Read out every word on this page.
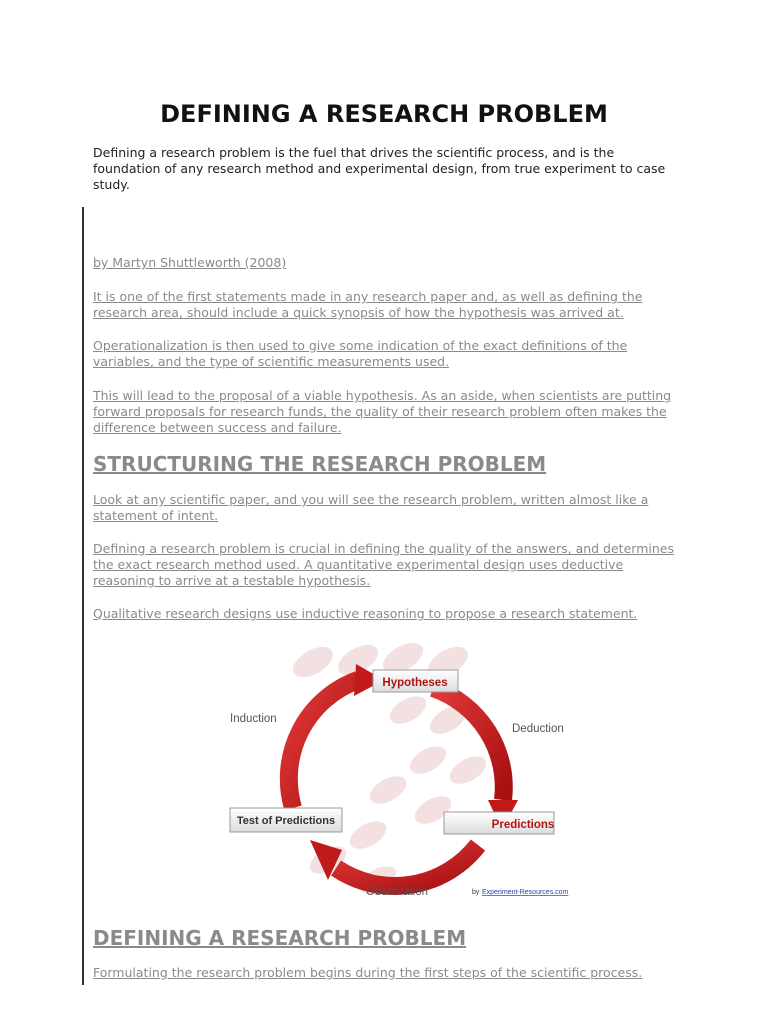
DEFINING A RESEARCH PROBLEM

Defining a research problem is the fuel that drives the scientific process, and is the foundation of any research method and experimental design, from true experiment to case study.

by Martyn Shuttleworth (2008)
It is one of the first statements made in any research paper and, as well as defining the research area, should include a quick synopsis of how the hypothesis was arrived at.
Operationalization is then used to give some indication of the exact definitions of the variables, and the type of scientific measurements used.
This will lead to the proposal of a viable hypothesis. As an aside, when scientists are putting forward proposals for research funds, the quality of their research problem often makes the difference between success and failure.
STRUCTURING THE RESEARCH PROBLEM
Look at any scientific paper, and you will see the research problem, written almost like a statement of intent.
Defining a research problem is crucial in defining the quality of the answers, and determines the exact research method used. A quantitative experimental design uses deductive reasoning to arrive at a testable hypothesis.
Qualitative research designs use inductive reasoning to propose a research statement.
Hypotheses
Predictions
Test of Predictions
Induction
Deduction
Observation	by Experiment-Resources.com
DEFINING A RESEARCH PROBLEM
Formulating the research problem begins during the first steps of the scientific process.
